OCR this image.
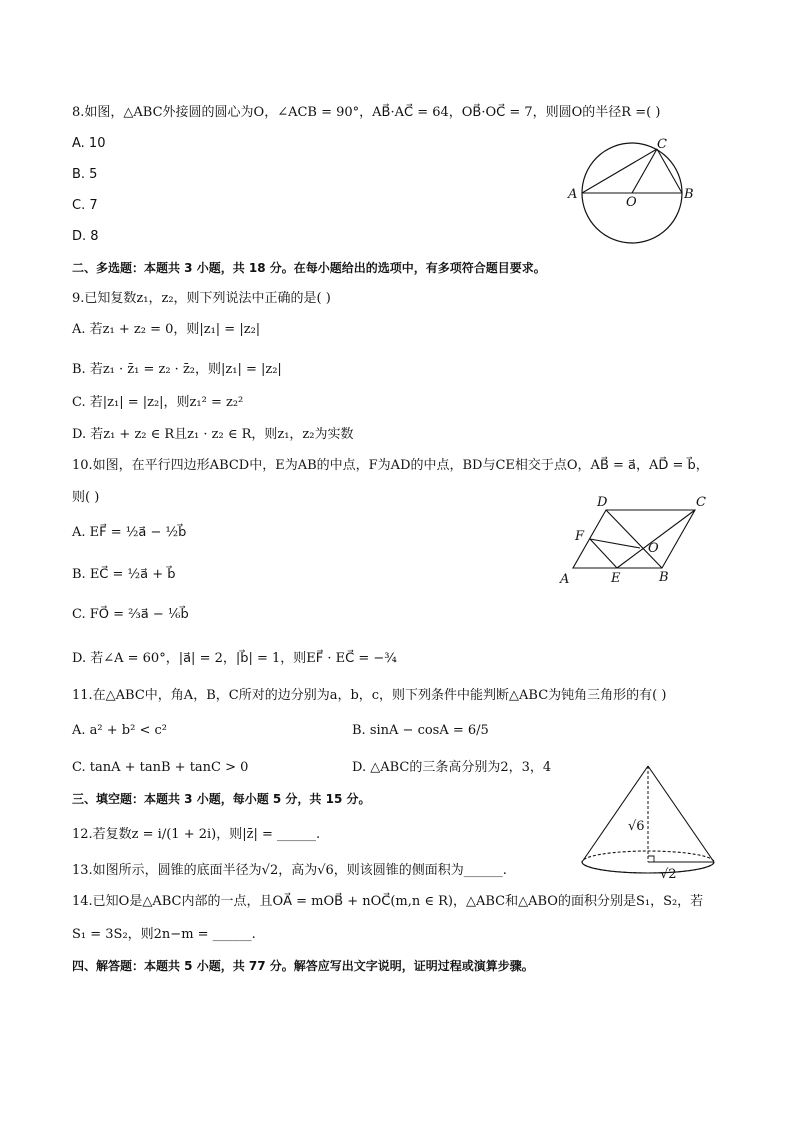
8.如图，△ABC外接圆的圆心为O，∠ACB = 90°，AB⃗·AC⃗ = 64，OB⃗·OC⃗ = 7，则圆O的半径R =( )
A. 10
B. 5
C. 7
D. 8
A	B
C
O
二、多选题：本题共 3 小题，共 18 分。在每小题给出的选项中，有多项符合题目要求。
9.已知复数z₁，z₂，则下列说法中正确的是( )
A. 若z₁ + z₂ = 0，则|z₁| = |z₂|
B. 若z₁ · z̄₁ = z₂ · z̄₂，则|z₁| = |z₂|
C. 若|z₁| = |z₂|，则z₁² = z₂²
D. 若z₁ + z₂ ∈ R且z₁ · z₂ ∈ R，则z₁，z₂为实数
10.如图，在平行四边形ABCD中，E为AB的中点，F为AD的中点，BD与CE相交于点O，AB⃗ = a⃗，AD⃗ = b⃗，
则( )
A. EF⃗ = ½a⃗ − ½b⃗
B. EC⃗ = ½a⃗ + b⃗
C. FO⃗ = ⅔a⃗ − ⅙b⃗
D. 若∠A = 60°，|a⃗| = 2，|b⃗| = 1，则EF⃗ · EC⃗ = −¾
A	B
C
D
E
F
O
11.在△ABC中，角A，B，C所对的边分别为a，b，c，则下列条件中能判断△ABC为钝角三角形的有( )
A. a² + b² < c²	B. sinA − cosA = 6/5
C. tanA + tanB + tanC > 0	D. △ABC的三条高分别为2，3，4
三、填空题：本题共 3 小题，每小题 5 分，共 15 分。
12.若复数z = i/(1 + 2i)，则|z̄| = ______.
13.如图所示，圆锥的底面半径为√2，高为√6，则该圆锥的侧面积为______.
√6
√2
14.已知O是△ABC内部的一点，且OA⃗ = mOB⃗ + nOC⃗(m,n ∈ R)，△ABC和△ABO的面积分别是S₁，S₂，若
S₁ = 3S₂，则2n−m = ______.
四、解答题：本题共 5 小题，共 77 分。解答应写出文字说明，证明过程或演算步骤。
